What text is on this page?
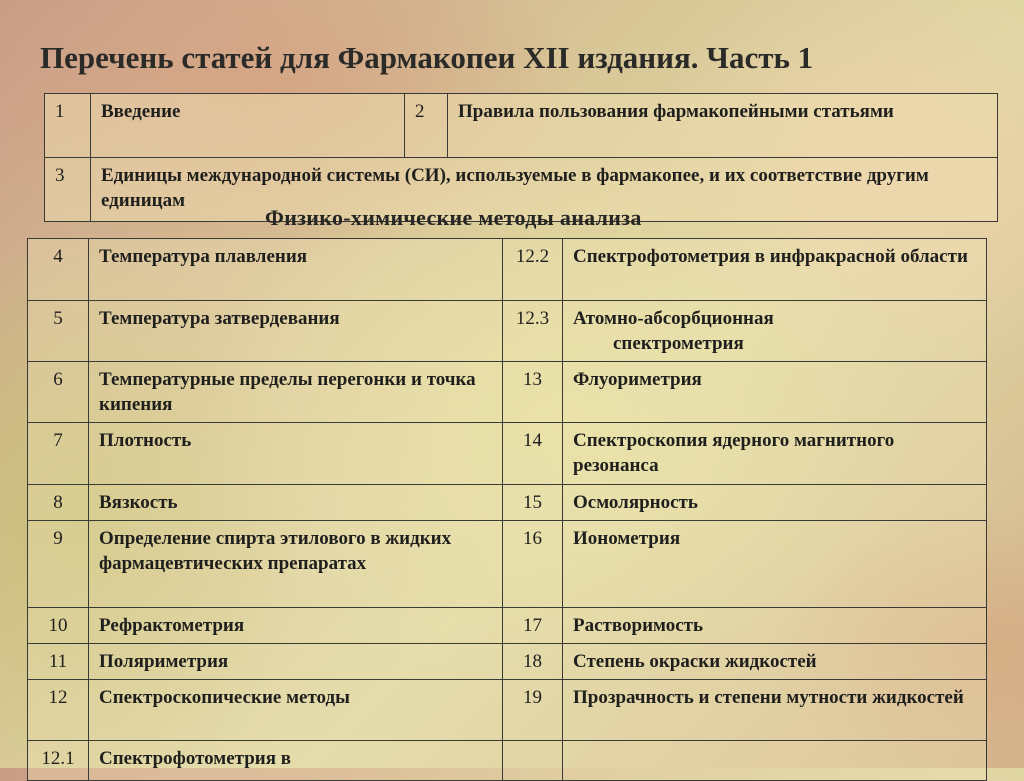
Перечень статей для Фармакопеи XII издания. Часть 1
1	Введение	2	Правила пользования фармакопейными статьями
3	Единицы международной системы (СИ), используемые в фармакопее, и их соответствие другим единицам		
Физико-химические методы анализа
4	Температура плавления	12.2	Спектрофотометрия в инфракрасной области
5	Температура затвердевания	12.3	Атомно-абсорбционная
спектрометрия

6	Температурные пределы перегонки и точка кипения	13	Флуориметрия
7	Плотность	14	Спектроскопия ядерного магнитного резонанса
8	Вязкость	15	Осмолярность
9	Определение спирта этилового в жидких фармацевтических препаратах	16	Ионометрия
10	Рефрактометрия	17	Растворимость
11	Поляриметрия	18	Степень окраски жидкостей
12	Спектроскопические методы	19	Прозрачность и степени мутности жидкостей
12.1	Спектрофотометрия в		
